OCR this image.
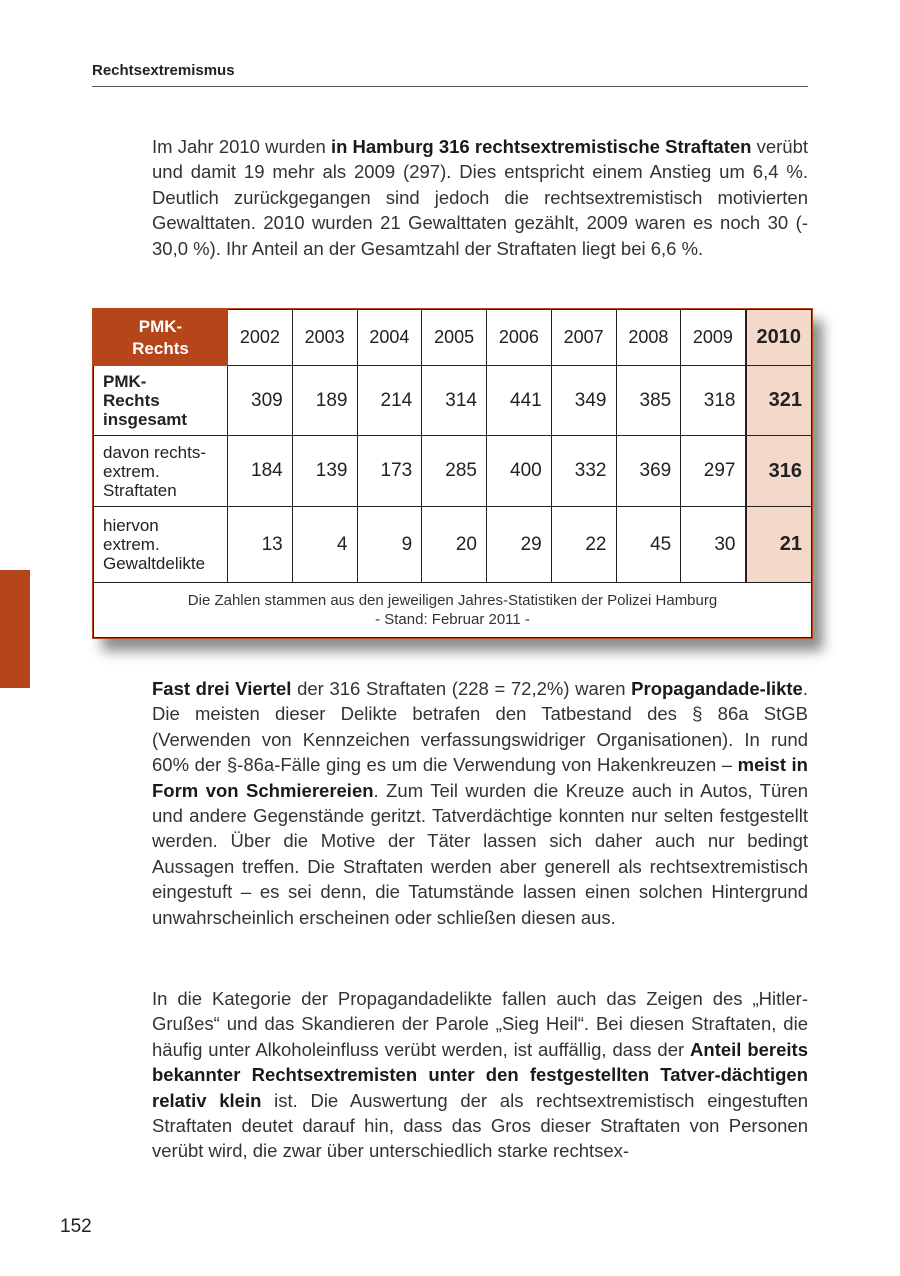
Rechtsextremismus

Im Jahr 2010 wurden in Hamburg 316 rechtsextremistische Straftaten verübt und damit 19 mehr als 2009 (297). Dies entspricht einem Anstieg um 6,4 %. Deutlich zurückgegangen sind jedoch die rechtsextremistisch motivierten Gewalttaten. 2010 wurden 21 Gewalttaten gezählt, 2009 waren es noch 30 (- 30,0 %). Ihr Anteil an der Gesamtzahl der Straftaten liegt bei 6,6 %.

PMK-
Rechts	2002	2003	2004	2005	2006	2007	2008	2009	2010
PMK-
Rechts
insgesamt	309	189	214	314	441	349	385	318	321
davon rechts-
extrem.
Straftaten	184	139	173	285	400	332	369	297	316
hiervon
extrem.
Gewaltdelikte	13	4	9	20	29	22	45	30	21
Die Zahlen stammen aus den jeweiligen Jahres-Statistiken der Polizei Hamburg
- Stand: Februar 2011 -									

Fast drei Viertel der 316 Straftaten (228 = 72,2%) waren Propagandade-likte. Die meisten dieser Delikte betrafen den Tatbestand des § 86a StGB (Verwenden von Kennzeichen verfassungswidriger Organisationen). In rund 60% der §-86a-Fälle ging es um die Verwendung von Hakenkreuzen – meist in Form von Schmierereien. Zum Teil wurden die Kreuze auch in Autos, Türen und andere Gegenstände geritzt. Tatverdächtige konnten nur selten festgestellt werden. Über die Motive der Täter lassen sich daher auch nur bedingt Aussagen treffen. Die Straftaten werden aber generell als rechtsextremistisch eingestuft – es sei denn, die Tatumstände lassen einen solchen Hintergrund unwahrscheinlich erscheinen oder schließen diesen aus.

In die Kategorie der Propagandadelikte fallen auch das Zeigen des „Hitler-Grußes“ und das Skandieren der Parole „Sieg Heil“. Bei diesen Straftaten, die häufig unter Alkoholeinfluss verübt werden, ist auffällig, dass der Anteil bereits bekannter Rechtsextremisten unter den festgestellten Tatver-dächtigen relativ klein ist. Die Auswertung der als rechtsextremistisch eingestuften Straftaten deutet darauf hin, dass das Gros dieser Straftaten von Personen verübt wird, die zwar über unterschiedlich starke rechtsex-

152
